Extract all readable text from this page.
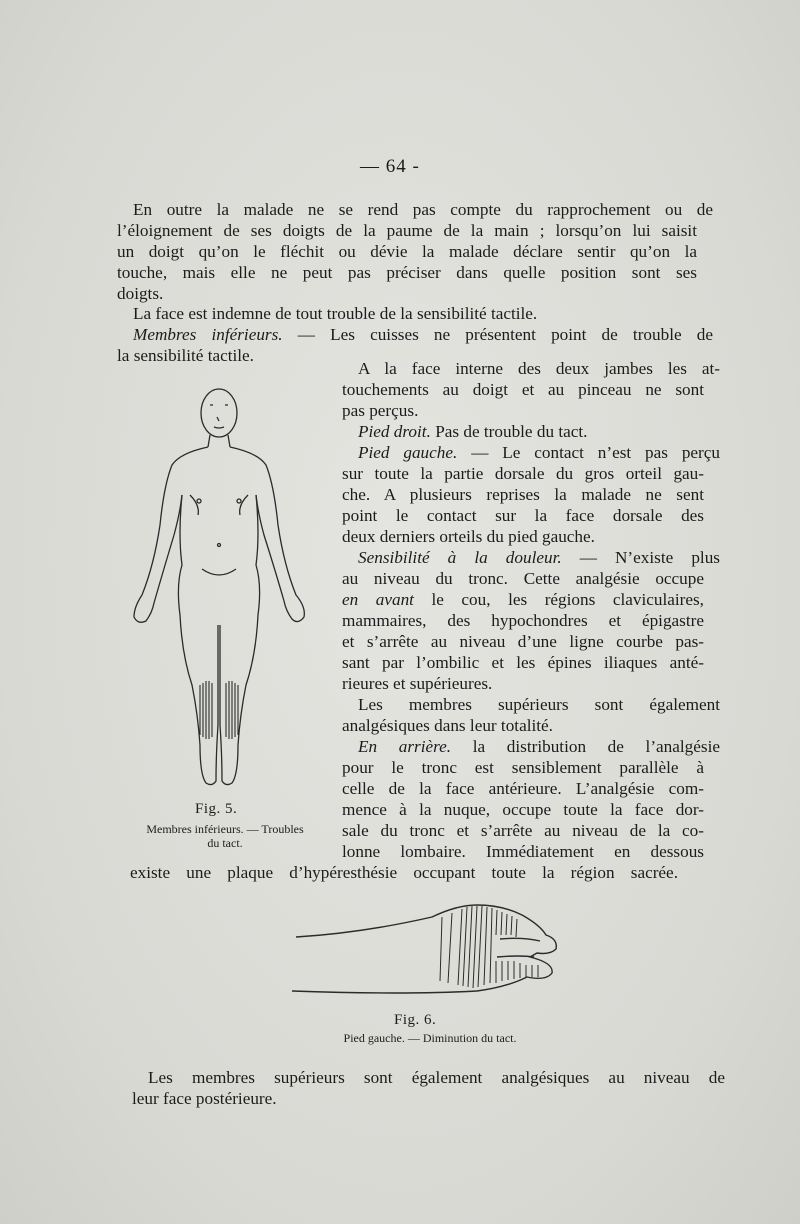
— 64 -
En outre la malade ne se rend pas compte du rapprochement ou de
l’éloignement de ses doigts de la paume de la main ; lorsqu’on lui saisit
un doigt qu’on le fléchit ou dévie la malade déclare sentir qu’on la
touche, mais elle ne peut pas préciser dans quelle position sont ses
doigts.
La face est indemne de tout trouble de la sensibilité tactile.
Membres inférieurs. — Les cuisses ne présentent point de trouble de
la sensibilité tactile.
A la face interne des deux jambes les at-
touchements au doigt et au pinceau ne sont
pas perçus.
Pied droit. Pas de trouble du tact.
Pied gauche. — Le contact n’est pas perçu
sur toute la partie dorsale du gros orteil gau-
che. A plusieurs reprises la malade ne sent
point le contact sur la face dorsale des
deux derniers orteils du pied gauche.
Sensibilité à la douleur. — N’existe plus
au niveau du tronc. Cette analgésie occupe
en avant le cou, les régions claviculaires,
mammaires, des hypochondres et épigastre
et s’arrête au niveau d’une ligne courbe pas-
sant par l’ombilic et les épines iliaques anté-
rieures et supérieures.
Les membres supérieurs sont également
analgésiques dans leur totalité.
En arrière. la distribution de l’analgésie
pour le tronc est sensiblement parallèle à
celle de la face antérieure. L’analgésie com-
mence à la nuque, occupe toute la face dor-
sale du tronc et s’arrête au niveau de la co-
lonne lombaire. Immédiatement en dessous
existe une plaque d’hypéresthésie occupant toute la région sacrée.
Fig. 5.
Membres inférieurs. — Troubles
du tact.
Fig. 6.
Pied gauche. — Diminution du tact.
Les membres supérieurs sont également analgésiques au niveau de
leur face postérieure.
